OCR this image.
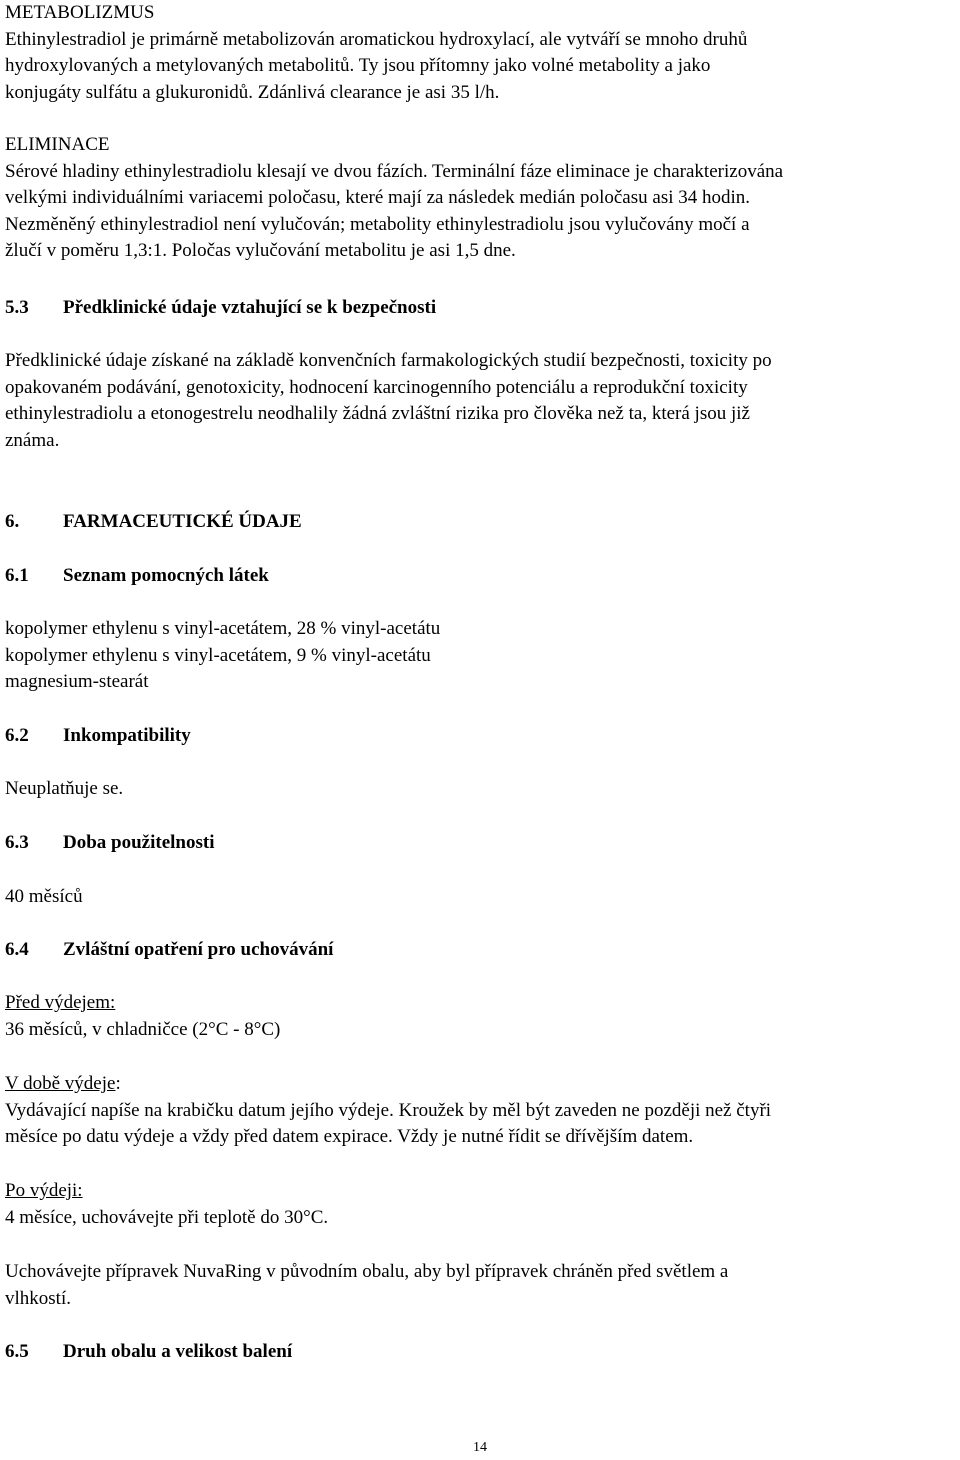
METABOLIZMUS

Ethinylestradiol je primárně metabolizován aromatickou hydroxylací, ale vytváří se mnoho druhů

hydroxylovaných a metylovaných metabolitů. Ty jsou přítomny jako volné metabolity a jako

konjugáty sulfátu a glukuronidů. Zdánlivá clearance je asi 35 l/h.

ELIMINACE

Sérové hladiny ethinylestradiolu klesají ve dvou fázích. Terminální fáze eliminace je charakterizována

velkými individuálními variacemi poločasu, které mají za následek medián poločasu asi 34 hodin.

Nezměněný ethinylestradiol není vylučován; metabolity ethinylestradiolu jsou vylučovány močí a

žlučí v poměru 1,3:1. Poločas vylučování metabolitu je asi 1,5 dne.

5.3 Předklinické údaje vztahující se k bezpečnosti

Předklinické údaje získané na základě konvenčních farmakologických studií bezpečnosti, toxicity po

opakovaném podávání, genotoxicity, hodnocení karcinogenního potenciálu a reprodukční toxicity

ethinylestradiolu a etonogestrelu neodhalily žádná zvláštní rizika pro člověka než ta, která jsou již

známa.

6. FARMACEUTICKÉ ÚDAJE
6.1 Seznam pomocných látek

kopolymer ethylenu s vinyl-acetátem, 28 % vinyl-acetátu

kopolymer ethylenu s vinyl-acetátem, 9 % vinyl-acetátu

magnesium-stearát

6.2 Inkompatibility
Neuplatňuje se.
6.3 Doba použitelnosti
40 měsíců
6.4 Zvláštní opatření pro uchovávání

Před výdejem:

36 měsíců, v chladničce (2°C - 8°C)

V době výdeje:

Vydávající napíše na krabičku datum jejího výdeje. Kroužek by měl být zaveden ne později než čtyři

měsíce po datu výdeje a vždy před datem expirace. Vždy je nutné řídit se dřívějším datem.

Po výdeji:

4 měsíce, uchovávejte při teplotě do 30°C.

Uchovávejte přípravek NuvaRing v původním obalu, aby byl přípravek chráněn před světlem a

vlhkostí.

6.5 Druh obalu a velikost balení
14
